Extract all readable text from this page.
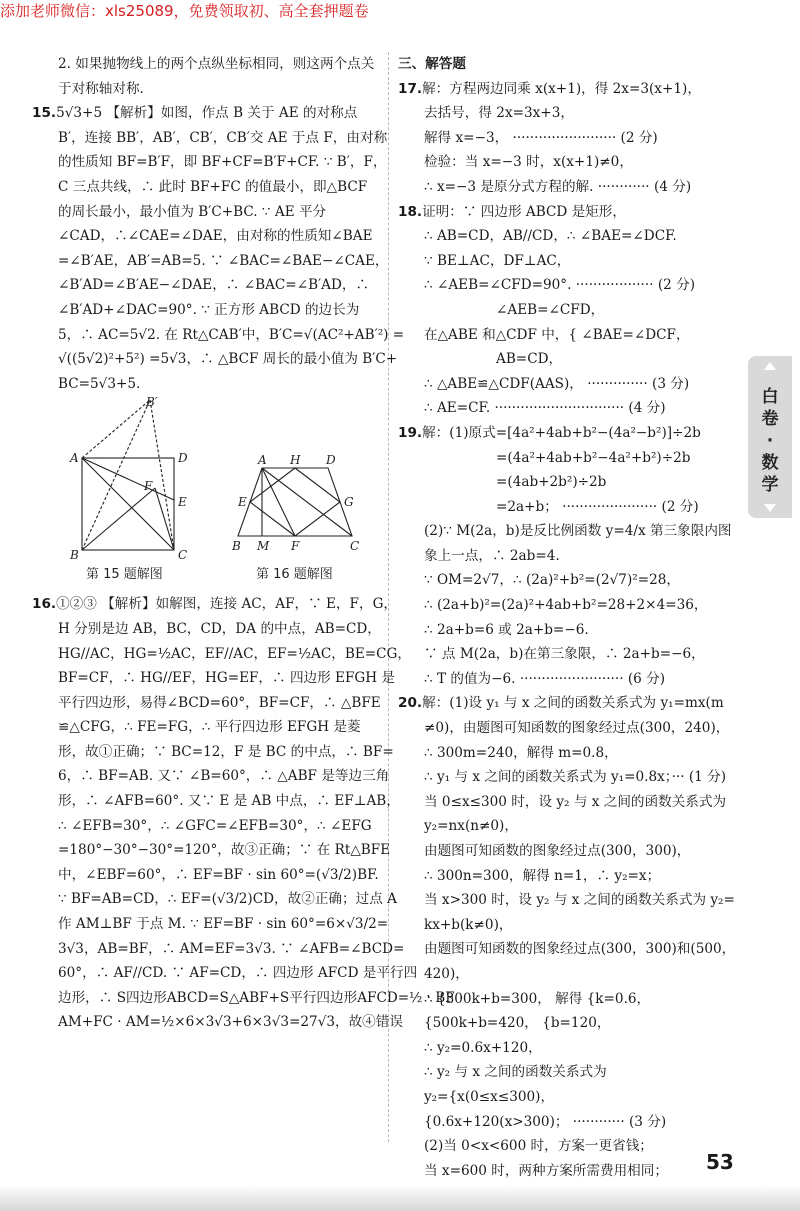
添加老师微信：xls25089，免费领取初、高全套押题卷

2. 如果抛物线上的两个点纵坐标相同，则这两个点关

于对称轴对称.

15.5√3+5 【解析】如图，作点 B 关于 AE 的对称点

B′，连接 BB′，AB′，CB′，CB′交 AE 于点 F，由对称

的性质知 BF=B′F，即 BF+CF=B′F+CF. ∵ B′，F，

C 三点共线，∴ 此时 BF+FC 的值最小，即△BCF

的周长最小，最小值为 B′C+BC. ∵ AE 平分

∠CAD，∴∠CAE=∠DAE，由对称的性质知∠BAE

=∠B′AE，AB′=AB=5. ∵ ∠BAC=∠BAE−∠CAE，

∠B′AD=∠B′AE−∠DAE，∴ ∠BAC=∠B′AD，∴

∠B′AD+∠DAC=90°. ∵ 正方形 ABCD 的边长为

5，∴ AC=5√2. 在 Rt△CAB′中，B′C=√(AC²+AB′²) =

√((5√2)²+5²) =5√3，∴ △BCF 周长的最小值为 B′C+

BC=5√3+5.

A	D
B	C
E
F
B′
第 15 题解图
A H D
E	G
B M F	C
第 16 题解图

16.①②③ 【解析】如解图，连接 AC，AF，∵ E，F，G，

H 分别是边 AB，BC，CD，DA 的中点，AB=CD，

HG//AC，HG=½AC，EF//AC，EF=½AC，BE=CG，

BF=CF，∴ HG//EF，HG=EF，∴ 四边形 EFGH 是

平行四边形，易得∠BCD=60°，BF=CF，∴ △BFE

≌△CFG，∴ FE=FG，∴ 平行四边形 EFGH 是菱

形，故①正确；∵ BC=12，F 是 BC 的中点，∴ BF=

6，∴ BF=AB. 又∵ ∠B=60°，∴ △ABF 是等边三角

形，∴ ∠AFB=60°. 又∵ E 是 AB 中点，∴ EF⊥AB，

∴ ∠EFB=30°，∴ ∠GFC=∠EFB=30°，∴ ∠EFG

=180°−30°−30°=120°，故③正确；∵ 在 Rt△BFE

中，∠EBF=60°，∴ EF=BF · sin 60°=(√3/2)BF.

∵ BF=AB=CD，∴ EF=(√3/2)CD，故②正确；过点 A

作 AM⊥BF 于点 M. ∵ EF=BF · sin 60°=6×√3/2=

3√3，AB=BF，∴ AM=EF=3√3. ∵ ∠AFB=∠BCD=

60°，∴ AF//CD. ∵ AF=CD，∴ 四边形 AFCD 是平行四

边形，∴ S四边形ABCD=S△ABF+S平行四边形AFCD=½ · BF ·

AM+FC · AM=½×6×3√3+6×3√3=27√3，故④错误

三、解答题

17.解：方程两边同乘 x(x+1)，得 2x=3(x+1)，

去括号，得 2x=3x+3，

解得 x=−3， ························ (2 分)

检验：当 x=−3 时，x(x+1)≠0，

∴ x=−3 是原分式方程的解. ············ (4 分)

18.证明：∵ 四边形 ABCD 是矩形，

∴ AB=CD，AB//CD，∴ ∠BAE=∠DCF.

∵ BE⊥AC，DF⊥AC，

∴ ∠AEB=∠CFD=90°. ·················· (2 分)

∠AEB=∠CFD，

在△ABE 和△CDF 中，{ ∠BAE=∠DCF，

AB=CD，

∴ △ABE≌△CDF(AAS)， ·············· (3 分)

∴ AE=CF. ······························ (4 分)

19.解：(1)原式=[4a²+4ab+b²−(4a²−b²)]÷2b

=(4a²+4ab+b²−4a²+b²)÷2b

=(4ab+2b²)÷2b

=2a+b； ······················ (2 分)

(2)∵ M(2a，b)是反比例函数 y=4/x 第三象限内图

象上一点，∴ 2ab=4.

∵ OM=2√7，∴ (2a)²+b²=(2√7)²=28，

∴ (2a+b)²=(2a)²+4ab+b²=28+2×4=36，

∴ 2a+b=6 或 2a+b=−6.

∵ 点 M(2a，b)在第三象限，∴ 2a+b=−6，

∴ T 的值为−6. ························ (6 分)

20.解：(1)设 y₁ 与 x 之间的函数关系式为 y₁=mx(m

≠0)，由题图可知函数的图象经过点(300，240)，

∴ 300m=240，解得 m=0.8，

∴ y₁ 与 x 之间的函数关系式为 y₁=0.8x；··· (1 分)

当 0≤x≤300 时，设 y₂ 与 x 之间的函数关系式为

y₂=nx(n≠0)，

由题图可知函数的图象经过点(300，300)，

∴ 300n=300，解得 n=1，∴ y₂=x；

当 x>300 时，设 y₂ 与 x 之间的函数关系式为 y₂=

kx+b(k≠0)，

由题图可知函数的图象经过点(300，300)和(500，

420)，

∴ {300k+b=300， 解得 {k=0.6，

{500k+b=420， {b=120，

∴ y₂=0.6x+120，

∴ y₂ 与 x 之间的函数关系式为

y₂={x(0≤x≤300)，

{0.6x+120(x>300)； ············ (3 分)

(2)当 0<x<600 时，方案一更省钱；

当 x=600 时，两种方案所需费用相同；

白
卷
·
数
学
53
